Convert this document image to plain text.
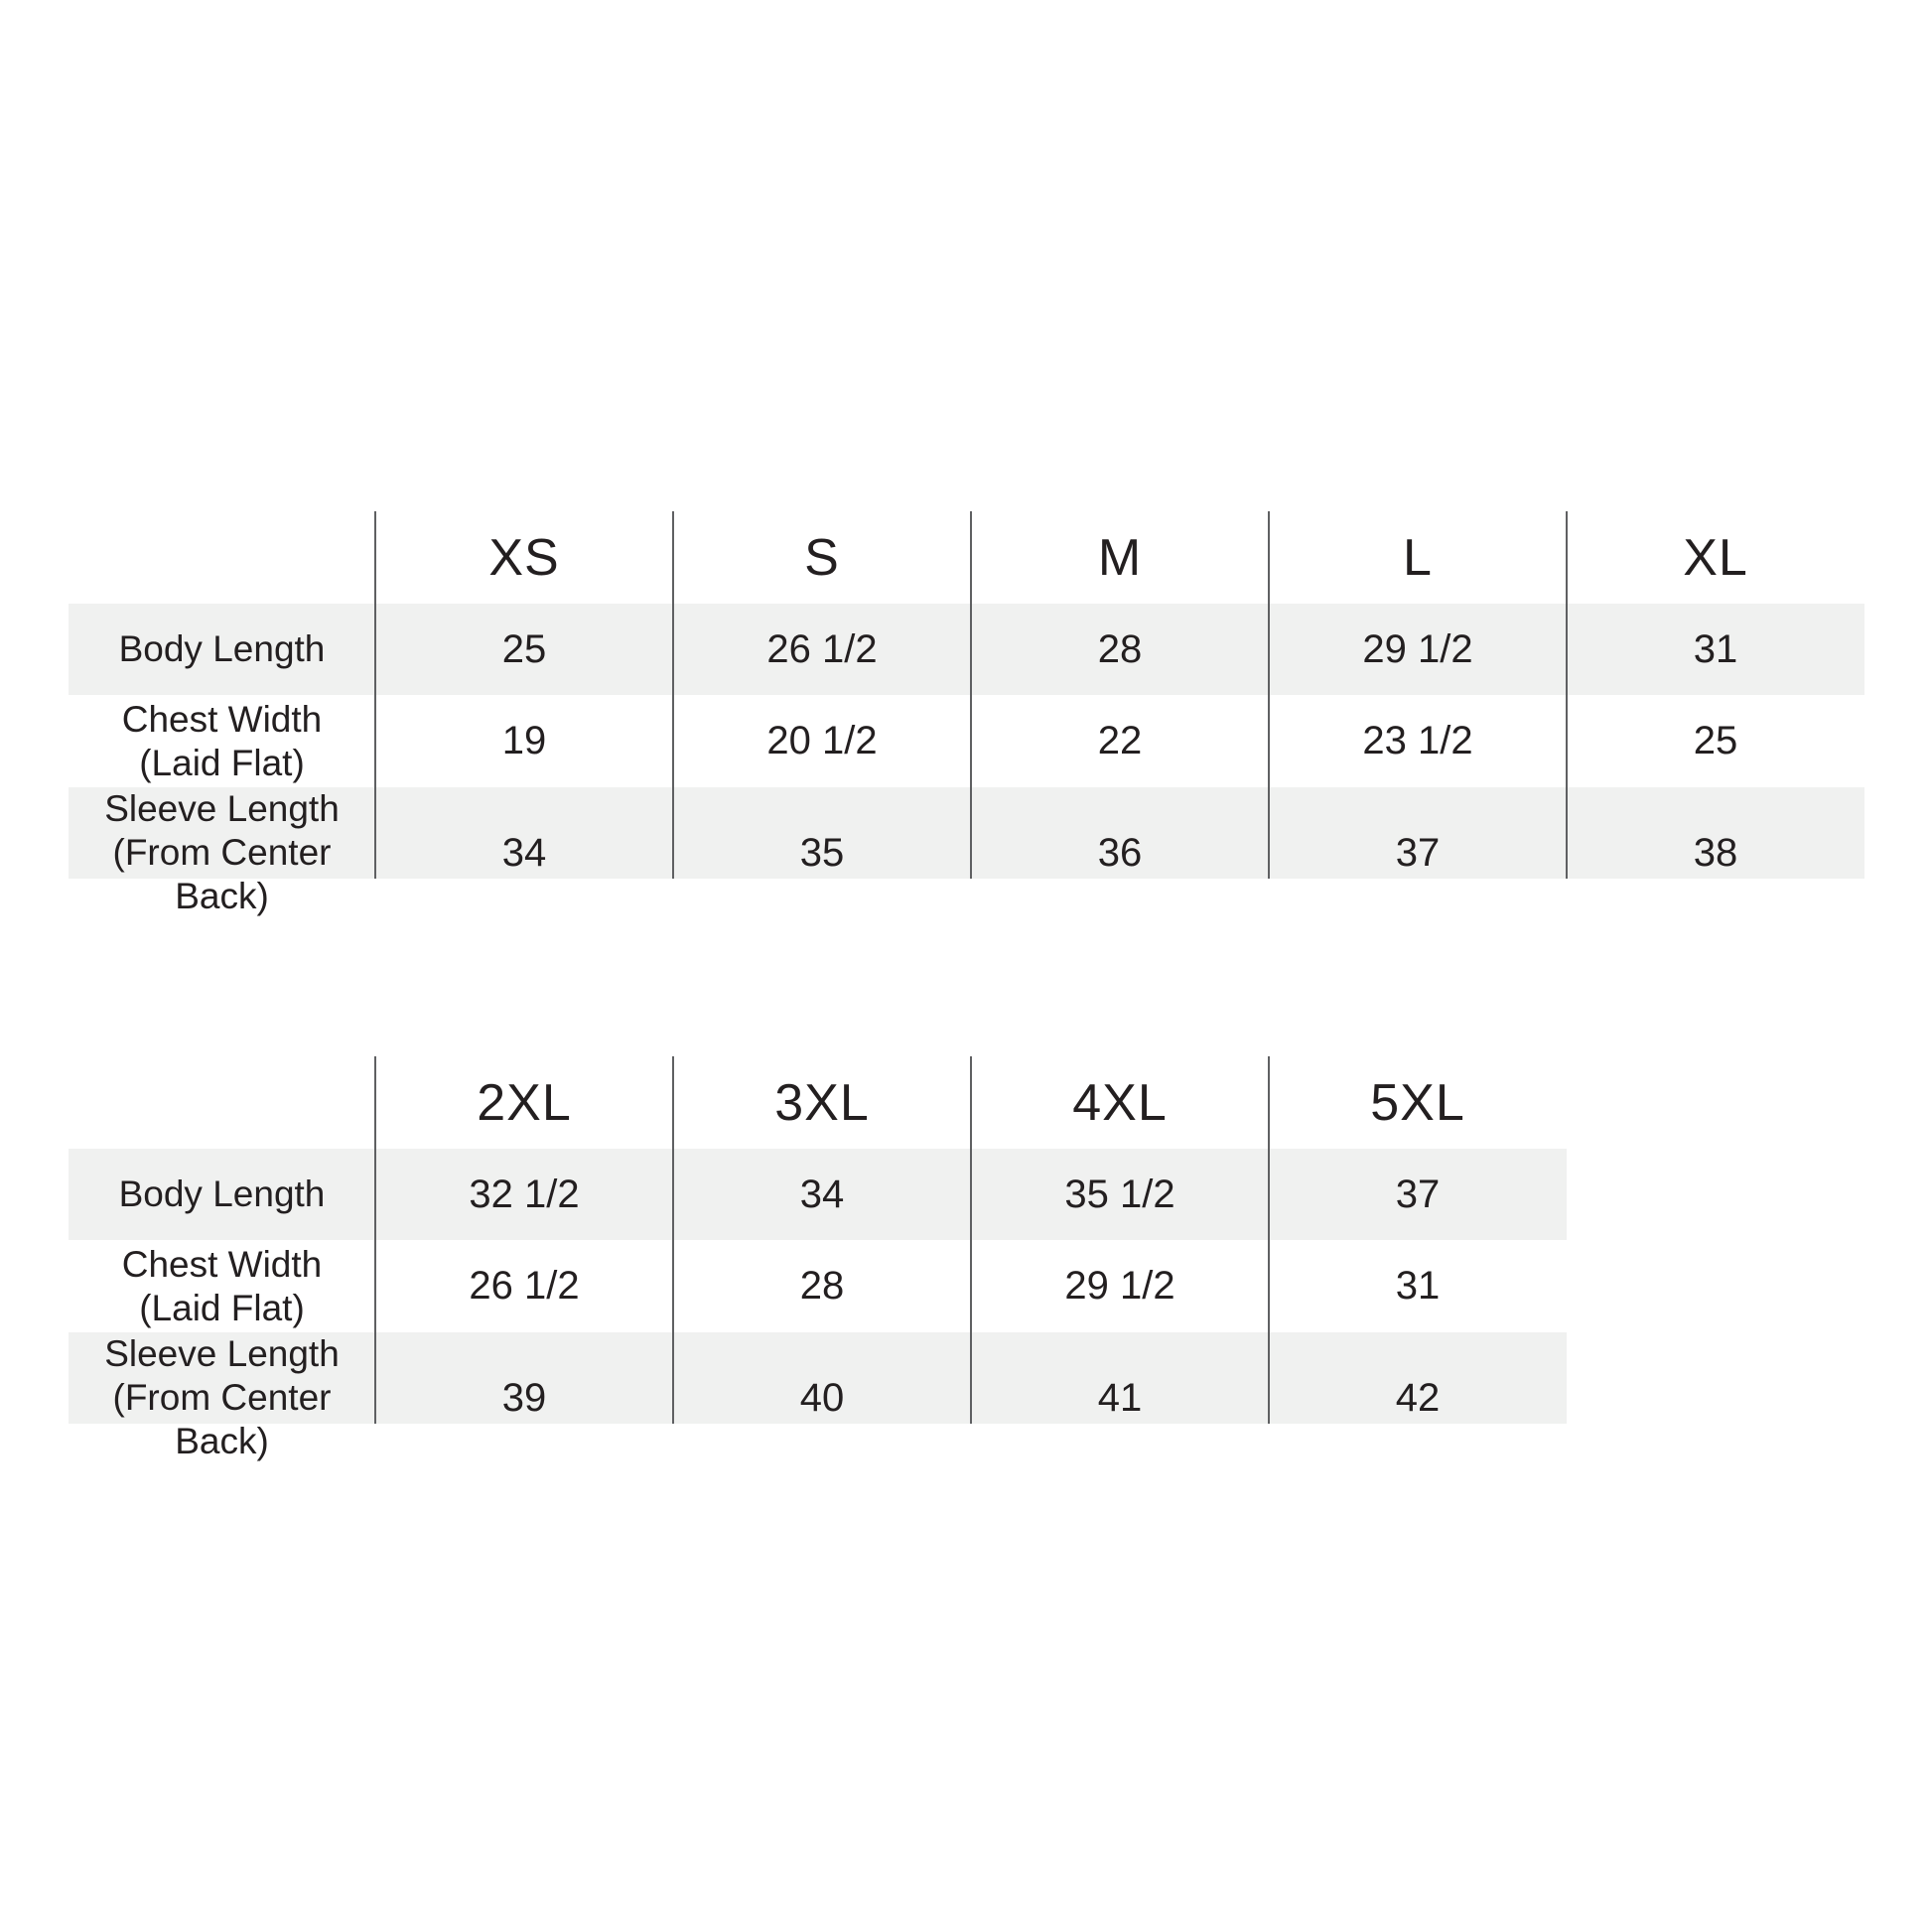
XS	S	M	L	XL
Body Length	25	26 1/2	28	29 1/2	31
Chest Width
(Laid Flat)	19	20 1/2	22	23 1/2	25
Sleeve Length
(From Center Back)
34	35	36	37	38
2XL	3XL	4XL	5XL
Body Length	32 1/2	34	35 1/2	37
Chest Width
(Laid Flat)	26 1/2	28	29 1/2	31
Sleeve Length
(From Center Back)
39	40	41	42
